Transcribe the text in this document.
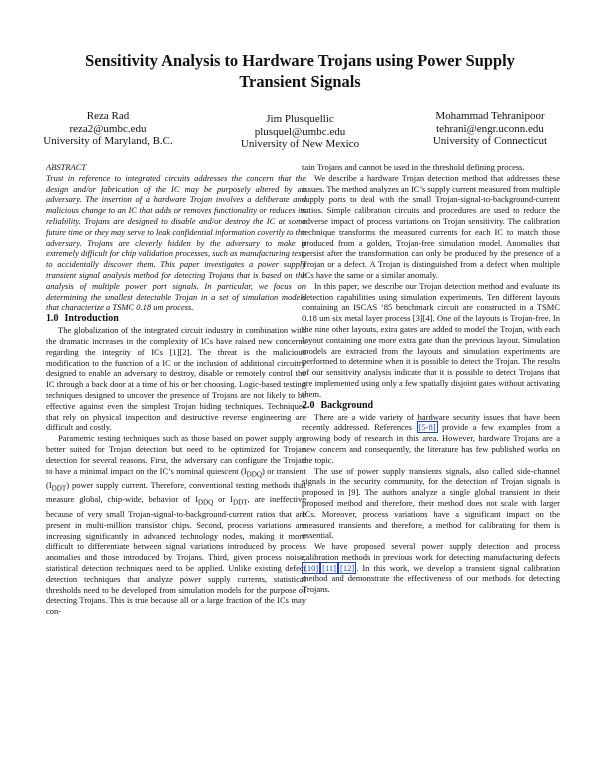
Sensitivity Analysis to Hardware Trojans using Power Supply
Transient Signals
Reza Rad
reza2@umbc.edu
University of Maryland, B.C.
Jim Plusquellic
plusquel@umbc.edu
University of New Mexico
Mohammad Tehranipoor
tehrani@engr.uconn.edu
University of Connecticut

ABSTRACT

Trust in reference to integrated circuits addresses the concern that the design and/or fabrication of the IC may be purposely altered by an adversary. The insertion of a hardware Trojan involves a deliberate and malicious change to an IC that adds or removes functionality or reduces its reliability. Trojans are designed to disable and/or destroy the IC at some future time or they may serve to leak confidential information covertly to the adversary. Trojans are cleverly hidden by the adversary to make it extremely difficult for chip validation processes, such as manufacturing test, to accidentally discover them. This paper investigates a power supply transient signal analysis method for detecting Trojans that is based on the analysis of multiple power port signals. In particular, we focus on determining the smallest detectable Trojan in a set of simulation models that characterize a TSMC 0.18 um process.

1.0 Introduction

The globalization of the integrated circuit industry in combination with the dramatic increases in the complexity of ICs have raised new concerns regarding the integrity of ICs [1][2]. The threat is the malicious modification to the function of a IC or the inclusion of additional circuitry designed to enable an adversary to destroy, disable or remotely control the IC through a back door at a time of his or her choosing. Logic-based testing techniques designed to uncover the presence of Trojans are not likely to be effective against even the simplest Trojan hiding techniques. Techniques that rely on physical inspection and destructive reverse engineering are difficult and costly.

Parametric testing techniques such as those based on power supply are better suited for Trojan detection but need to be optimized for Trojan detection for several reasons. First, the adversary can configure the Trojan to have a minimal impact on the IC’s nominal quiescent $(I_{DDQ})$ or transient $(I_{DDT})$ power supply current. Therefore, conventional testing methods that measure global, chip-wide, behavior of $I_{DDQ}$ or $I_{DDT}$, are ineffective because of very small Trojan-signal-to-background-current ratios that are present in multi-million transistor chips. Second, process variations are increasing significantly in advanced technology nodes, making it more difficult to differentiate between signal variations introduced by process anomalies and those introduced by Trojans. Third, given process noise, statistical detection techniques need to be applied. Unlike existing defect detection techniques that analyze power supply currents, statistical thresholds need to be developed from simulation models for the purpose of detecting Trojans. This is true because all or a large fraction of the ICs may con-

tain Trojans and cannot be used in the threshold defining process.

We describe a hardware Trojan detection method that addresses these issues. The method analyzes an IC’s supply current measured from multiple supply ports to deal with the small Trojan-signal-to-background-current ratios. Simple calibration circuits and procedures are used to reduce the adverse impact of process variations on Trojan sensitivity. The calibration technique transforms the measured currents for each IC to match those produced from a golden, Trojan-free simulation model. Anomalies that persist after the transformation can only be produced by the presence of a Trojan or a defect. A Trojan is distinguished from a defect when multiple ICs have the same or a similar anomaly.

In this paper, we describe our Trojan detection method and evaluate its detection capabilities using simulation experiments. Ten different layouts containing an ISCAS ‘85 benchmark circuit are constructed in a TSMC 0.18 um six metal layer process [3][4]. One of the layouts is Trojan-free. In the nine other layouts, extra gates are added to model the Trojan, with each layout containing one more extra gate than the previous layout. Simulation models are extracted from the layouts and simulation experiments are performed to determine when it is possible to detect the Trojan. The results of our sensitivity analysis indicate that it is possible to detect Trojans that are implemented using only a few spatially disjoint gates without activating them.

2.0 Background

There are a wide variety of hardware security issues that have been recently addressed. References [5-8] provide a few examples from a growing body of research in this area. However, hardware Trojans are a new concern and consequently, the literature has few published works on the topic.

The use of power supply transients signals, also called side-channel signals in the security community, for the detection of Trojan signals is proposed in [9]. The authors analyze a single global transient in their proposed method and therefore, their method does not scale with larger ICs. Moreover, process variations have a significant impact on the measured transients and therefore, a method for calibrating for them is essential.

We have proposed several power supply detection and process calibration methods in previous work for detecting manufacturing defects [10] [11] [12] . In this work, we develop a transient signal calibration method and demonstrate the effectiveness of our methods for detecting Trojans.
